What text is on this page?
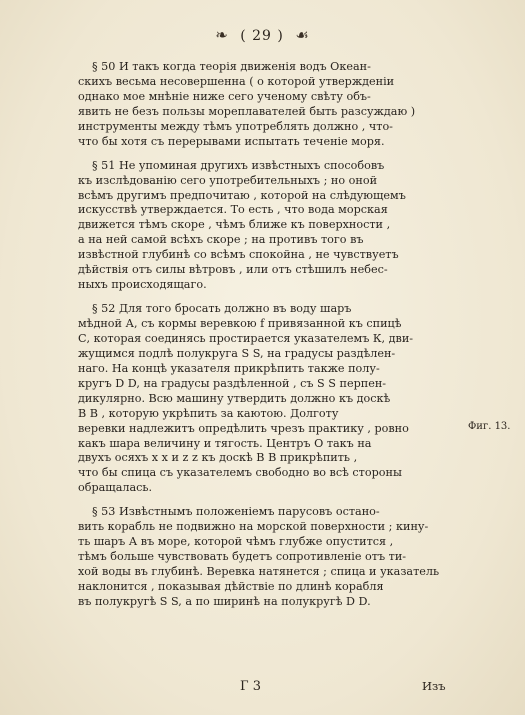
❧ ( 29 ) ☙
§ 50 И такъ когда теорія движенія водъ Океан-
скихъ весьма несовершенна ( о которой утвержденіи
однако мое мнѣніе ниже сего ученому свѣту объ-
явить не безъ пользы мореплавателей быть разсуждаю )
инструменты между тѣмъ употреблять должно , что-
что бы хотя съ перерывами испытать теченіе моря.
§ 51 Не упоминая другихъ извѣстныхъ способовъ
къ изслѣдованію сего употребительныхъ ; но оной
всѣмъ другимъ предпочитаю , которой на слѣдующемъ
искусствѣ утверждается. То есть , что вода морская
движется тѣмъ скоре , чѣмъ ближе къ поверхности ,
а на ней самой всѣхъ скоре ; на противъ того въ
извѣстной глубинѣ со всѣмъ спокойна , не чувствуетъ
дѣйствія отъ силы вѣтровъ , или отъ стѣшилъ небес-
ныхъ происходящаго.
§ 52 Для того бросать должно въ воду шаръ
мѣдной А, съ кормы веревкою f привязанной къ спицѣ
С, которая соединясь простирается указателемъ К, дви-
жущимся подлѣ полукруга S S, на градусы раздѣлен-
наго. На концѣ указателя прикрѣпить также полу-
кругъ D D, на градусы раздѣленной , съ S S перпен-
дикулярно. Всю машину утвердить должно къ доскѣ
В В , которую укрѣпить за каютою. Долготу
веревки надлежитъ опредѣлить чрезъ практику , ровно
какъ шара величину и тягость. Центръ О такъ на
двухъ осяхъ x x и z z къ доскѣ В В прикрѣпить ,
что бы спица съ указателемъ свободно во всѣ стороны
обращалась.
§ 53 Извѣстнымъ положеніемъ парусовъ остано-
вить корабль не подвижно на морской поверхности ; кину-
ть шаръ А въ море, которой чѣмъ глубже опустится ,
тѣмъ больше чувствовать будетъ сопротивленіе отъ ти-
хой воды въ глубинѣ. Веревка натянется ; спица и указатель
наклонится , показывая дѣйствіе по длинѣ корабля
въ полукругѣ S S, а по ширинѣ на полукругѣ D D.
Фиг. 13.
Г 3	Изъ
